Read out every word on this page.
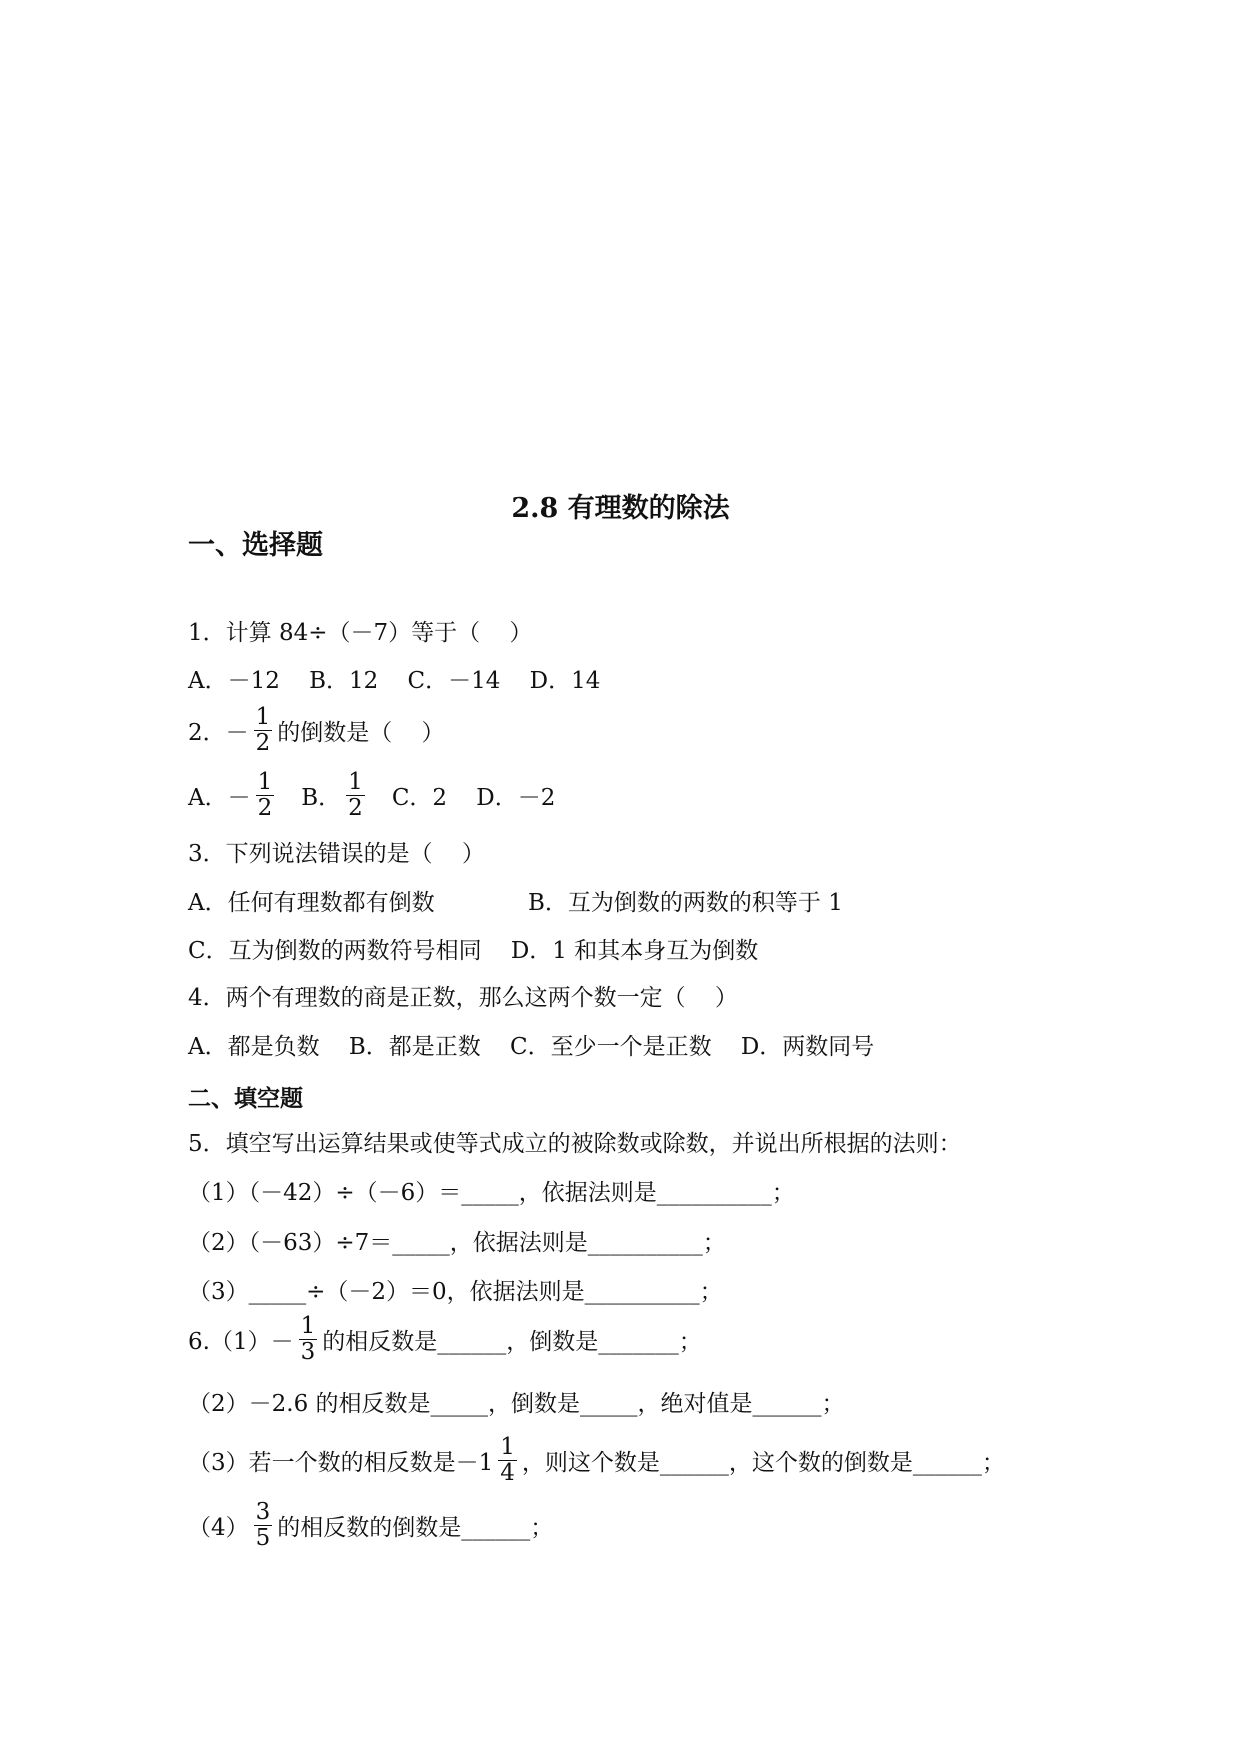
2.8 有理数的除法
一、选择题
1．计算 84÷（－7）等于（    ）
A．－12    B．12    C．－14    D．14
2．－ $\frac{1}{2}$ 的倒数是（    ）
A．－ $\frac{1}{2}$ B． $\frac{1}{2}$ C．2    D．－2
3．下列说法错误的是（    ）
A．任何有理数都有倒数	B．互为倒数的两数的积等于 1
C．互为倒数的两数符号相同    D．1 和其本身互为倒数
4．两个有理数的商是正数，那么这两个数一定（    ）
A．都是负数    B．都是正数    C．至少一个是正数    D．两数同号
二、填空题
5．填空写出运算结果或使等式成立的被除数或除数，并说出所根据的法则：
（1）（－42）÷（－6）＝_____，依据法则是__________；
（2）（－63）÷7＝_____，依据法则是__________；
（3）_____÷（－2）＝0，依据法则是__________；
$6.(1)- \frac{1}{3}$ 的相反数是______，倒数是_______；
（2）－2.6 的相反数是_____，倒数是_____，绝对值是______；
（3）若一个数的相反数是$-1 \frac{1}{4}$ ，则这个数是______，这个数的倒数是______；
$(4) \frac{3}{5}$ 的相反数的倒数是______；
